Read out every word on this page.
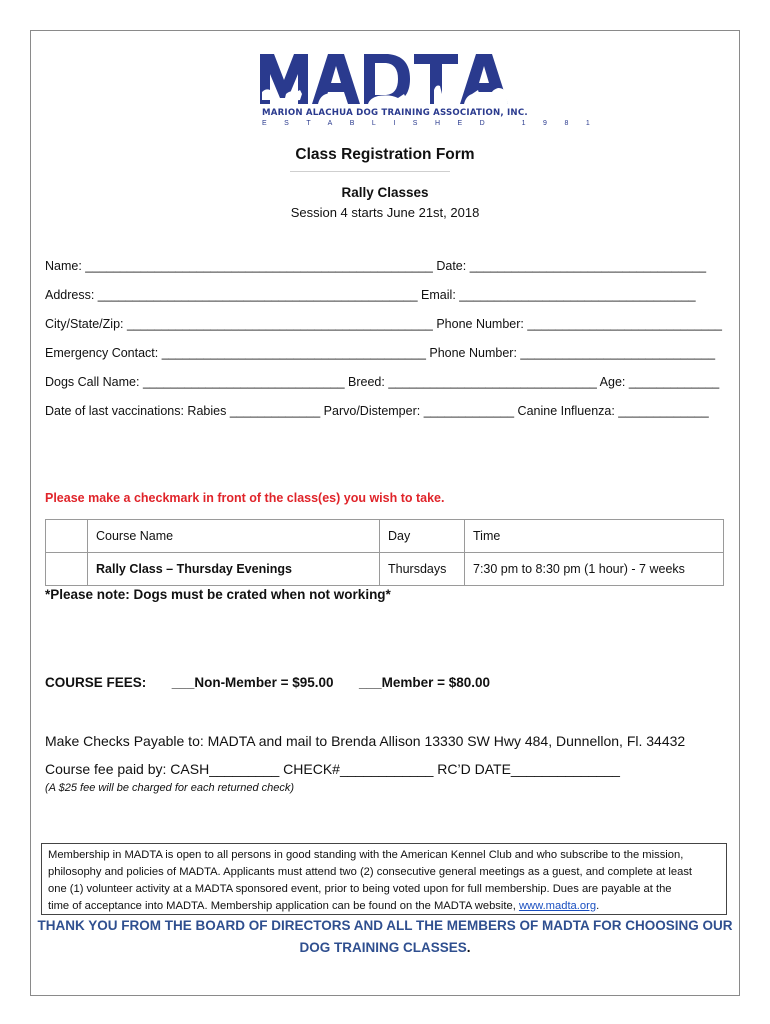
MARION ALACHUA DOG TRAINING ASSOCIATION, INC.
ESTABLISHED 1981
Class Registration Form
Rally Classes
Session 4 starts June 21st, 2018
Name: __________________________________________________ Date: __________________________________
Address: ______________________________________________ Email: __________________________________
City/State/Zip: ____________________________________________ Phone Number: ____________________________
Emergency Contact: ______________________________________ Phone Number: ____________________________
Dogs Call Name: _____________________________ Breed: ______________________________ Age: _____________
Date of last vaccinations: Rabies _____________ Parvo/Distemper: _____________ Canine Influenza: _____________
Please make a checkmark in front of the class(es) you wish to take.
	Course Name	Day	Time
	Rally Class – Thursday Evenings	Thursdays	7:30 pm to 8:30 pm (1 hour) - 7 weeks
*Please note: Dogs must be crated when not working*
COURSE FEES: ___Non-Member = $95.00 ___Member = $80.00
Make Checks Payable to: MADTA and mail to Brenda Allison 13330 SW Hwy 484, Dunnellon, Fl. 34432
Course fee paid by: CASH_________ CHECK#____________ RC’D DATE______________
(A $25 fee will be charged for each returned check)
Membership in MADTA is open to all persons in good standing with the American Kennel Club and who subscribe to the mission,
philosophy and policies of MADTA. Applicants must attend two (2) consecutive general meetings as a guest, and complete at least
one (1) volunteer activity at a MADTA sponsored event, prior to being voted upon for full membership. Dues are payable at the
time of acceptance into MADTA. Membership application can be found on the MADTA website, www.madta.org.
THANK YOU FROM THE BOARD OF DIRECTORS AND ALL THE MEMBERS OF MADTA FOR CHOOSING OUR
DOG TRAINING CLASSES.
